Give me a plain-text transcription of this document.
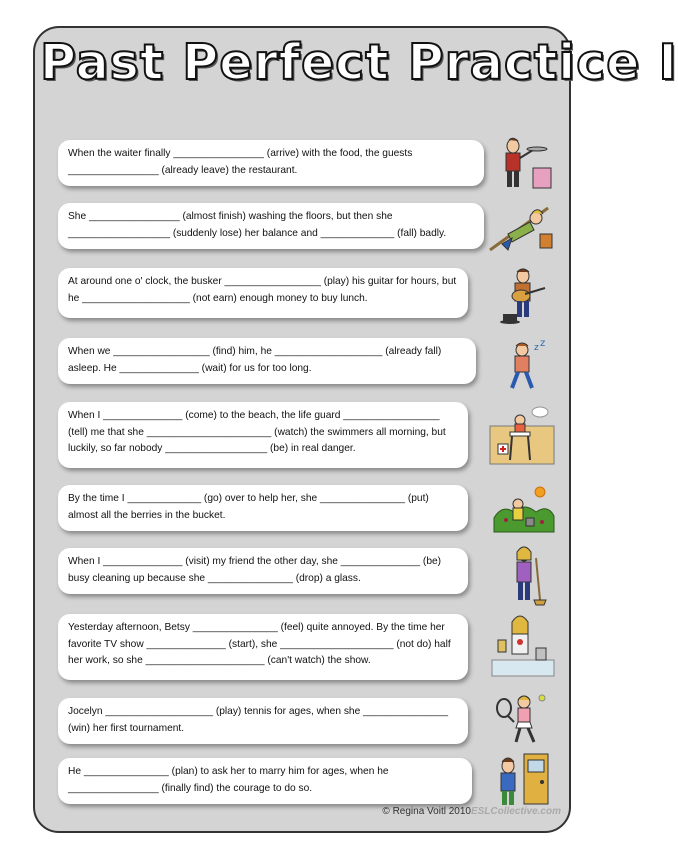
Past Perfect Practice I
When the waiter finally ________________ (arrive) with the food, the guests ________________ (already leave) the restaurant.
She ________________ (almost finish) washing the floors, but then she __________________ (suddenly lose) her balance and _____________ (fall) badly.
At around one o' clock, the busker _________________ (play) his guitar for hours, but he ___________________ (not earn) enough money to buy lunch.
When we _________________ (find) him, he ___________________ (already fall) asleep. He ______________ (wait) for us for too long.
z z
When I ______________ (come) to the beach, the life guard _________________ (tell) me that she ______________________ (watch) the swimmers all morning, but luckily, so far nobody __________________ (be) in real danger.
By the time I _____________ (go) over to help her, she _______________ (put) almost all the berries in the bucket.
When I ______________ (visit) my friend the other day, she ______________ (be) busy cleaning up because she _______________ (drop) a glass.
Yesterday afternoon, Betsy _______________ (feel) quite annoyed. By the time her favorite TV show ______________ (start), she ____________________ (not do) half her work, so she _____________________ (can't watch) the show.
Jocelyn ___________________ (play) tennis for ages, when she _______________ (win) her first tournament.
He _______________ (plan) to ask her to marry him for ages, when he ________________ (finally find) the courage to do so.
© Regina Voitl 2010ESLCollective.com
